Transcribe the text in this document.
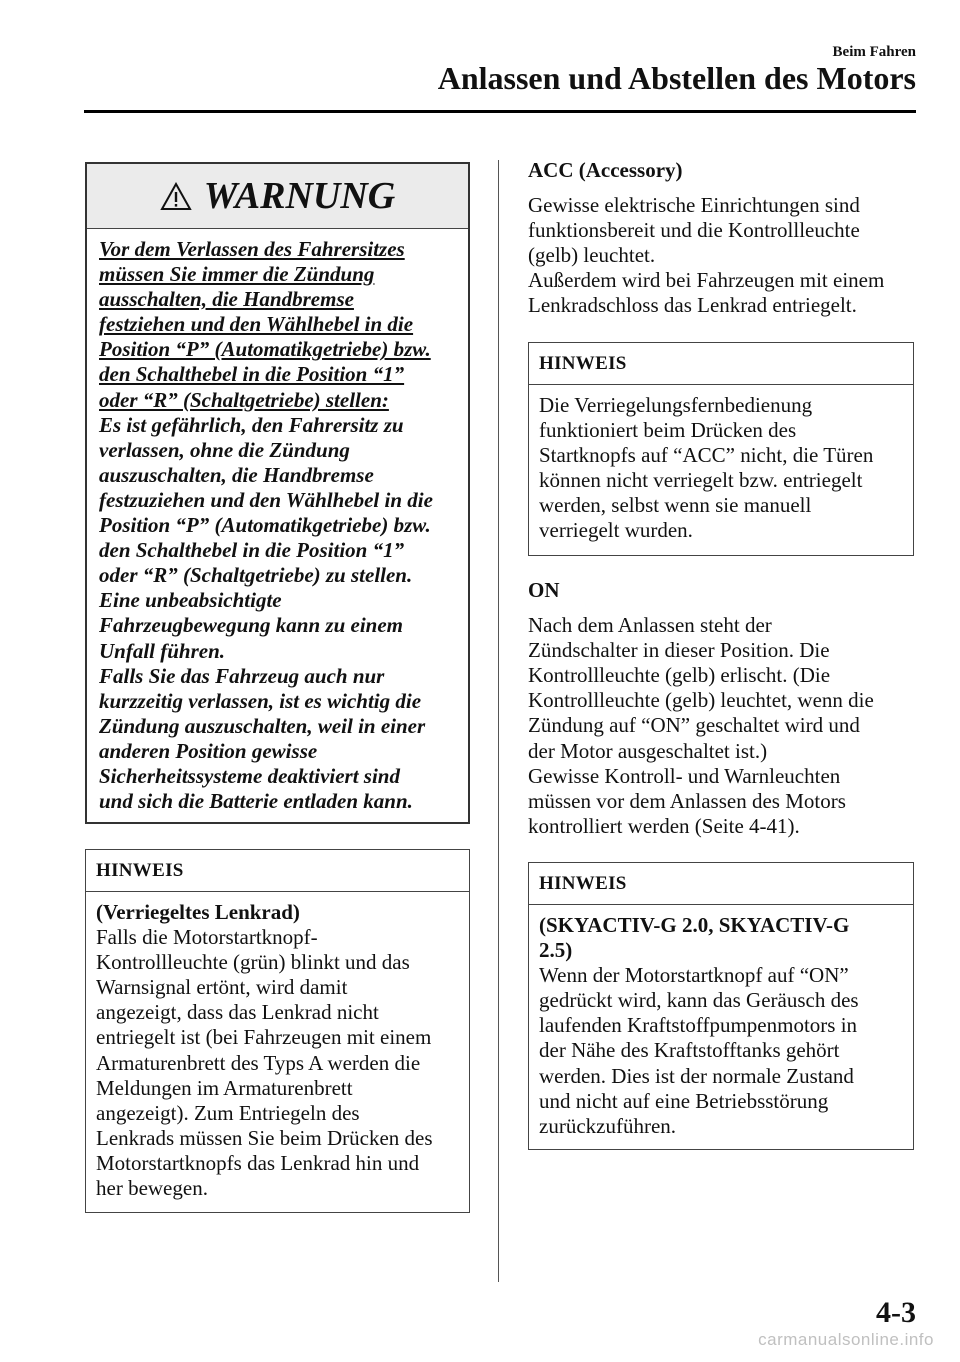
Beim Fahren
Anlassen und Abstellen des Motors
WARNUNG
Vor dem Verlassen des Fahrersitzes
müssen Sie immer die Zündung
ausschalten, die Handbremse
festziehen und den Wählhebel in die
Position “P” (Automatikgetriebe) bzw.
den Schalthebel in die Position “1”
oder “R” (Schaltgetriebe) stellen:
Es ist gefährlich, den Fahrersitz zu
verlassen, ohne die Zündung
auszuschalten, die Handbremse
festzuziehen und den Wählhebel in die
Position “P” (Automatikgetriebe) bzw.
den Schalthebel in die Position “1”
oder “R” (Schaltgetriebe) zu stellen.
Eine unbeabsichtigte
Fahrzeugbewegung kann zu einem
Unfall führen.
Falls Sie das Fahrzeug auch nur
kurzzeitig verlassen, ist es wichtig die
Zündung auszuschalten, weil in einer
anderen Position gewisse
Sicherheitssysteme deaktiviert sind
und sich die Batterie entladen kann.
HINWEIS
(Verriegeltes Lenkrad)
Falls die Motorstartknopf-
Kontrollleuchte (grün) blinkt und das
Warnsignal ertönt, wird damit
angezeigt, dass das Lenkrad nicht
entriegelt ist (bei Fahrzeugen mit einem
Armaturenbrett des Typs A werden die
Meldungen im Armaturenbrett
angezeigt). Zum Entriegeln des
Lenkrads müssen Sie beim Drücken des
Motorstartknopfs das Lenkrad hin und
her bewegen.
ACC (Accessory)
Gewisse elektrische Einrichtungen sind
funktionsbereit und die Kontrollleuchte
(gelb) leuchtet.
Außerdem wird bei Fahrzeugen mit einem
Lenkradschloss das Lenkrad entriegelt.
HINWEIS
Die Verriegelungsfernbedienung
funktioniert beim Drücken des
Startknopfs auf “ACC” nicht, die Türen
können nicht verriegelt bzw. entriegelt
werden, selbst wenn sie manuell
verriegelt wurden.
ON
Nach dem Anlassen steht der
Zündschalter in dieser Position. Die
Kontrollleuchte (gelb) erlischt. (Die
Kontrollleuchte (gelb) leuchtet, wenn die
Zündung auf “ON” geschaltet wird und
der Motor ausgeschaltet ist.)
Gewisse Kontroll- und Warnleuchten
müssen vor dem Anlassen des Motors
kontrolliert werden (Seite 4-41).
HINWEIS
(SKYACTIV-G 2.0, SKYACTIV-G
2.5)
Wenn der Motorstartknopf auf “ON”
gedrückt wird, kann das Geräusch des
laufenden Kraftstoffpumpenmotors in
der Nähe des Kraftstofftanks gehört
werden. Dies ist der normale Zustand
und nicht auf eine Betriebsstörung
zurückzuführen.
4-3
carmanualsonline.info
